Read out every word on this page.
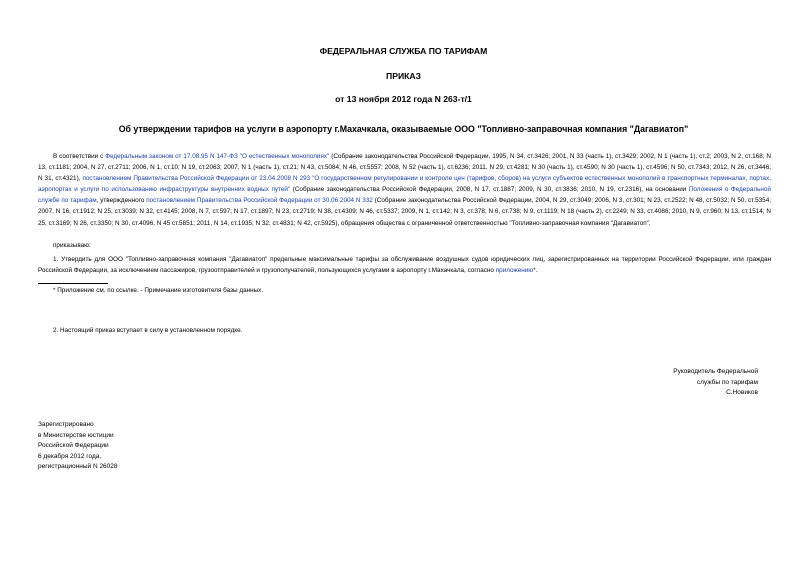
ФЕДЕРАЛЬНАЯ СЛУЖБА ПО ТАРИФАМ
ПРИКАЗ
от 13 ноября 2012 года N 263-т/1
Об утверждении тарифов на услуги в аэропорту г.Махачкала, оказываемые ООО "Топливно-заправочная компания "Дагавиатоп"
В соответствии с Федеральным законом от 17.08.95 N 147-ФЗ "О естественных монополиях" (Собрание законодательства Российской Федерации, 1995, N 34, ст.3426; 2001, N 33 (часть 1), ст.3429; 2002, N 1 (часть 1), ст.2; 2003, N 2, ст.168; N 13, ст.1181; 2004, N 27, ст.2711; 2006, N 1, ст.10; N 19, ст.2063; 2007, N 1 (часть 1), ст.21; N 43, ст.5084; N 46, ст.5557; 2008, N 52 (часть 1), ст.6236; 2011, N 29, ст.4281; N 30 (часть 1), ст.4590; N 30 (часть 1), ст.4596; N 50, ст.7343; 2012, N 26, ст.3446; N 31, ст.4321), постановлением Правительства Российской Федерации от 23.04.2008 N 293 "О государственном регулировании и контроле цен (тарифов, сборов) на услуги субъектов естественных монополий в транспортных терминалах, портах, аэропортах и услуги по использованию инфраструктуры внутренних водных путей" (Собрание законодательства Российской Федерации, 2008, N 17, ст.1887; 2009, N 30, ст.3836; 2010, N 19, ст.2316), на основании Положения о Федеральной службе по тарифам, утвержденного постановлением Правительства Российской Федерации от 30.06.2004 N 332 (Собрание законодательства Российской Федерации, 2004, N 29, ст.3049; 2006, N 3, ст.301; N 23, ст.2522; N 48, ст.5032; N 50, ст.5354; 2007, N 16, ст.1912; N 25, ст.3039; N 32, ст.4145; 2008, N 7, ст.597; N 17, ст.1897; N 23, ст.2719; N 38, ст.4309; N 46, ст.5337; 2009, N 1, ст.142; N 3, ст.378; N 6, ст.738; N 9, ст.1119; N 18 (часть 2), ст.2249; N 33, ст.4086; 2010, N 9, ст.960; N 13, ст.1514; N 25, ст.3169; N 26, ст.3350; N 30, ст.4096, N 45 ст.5851; 2011, N 14, ст.1935; N 32, ст.4831; N 42, ст.5925), обращения общества с ограниченной ответственностью "Топливно-заправочная компания "Дагавиатоп",
приказываю:
1. Утвердить для ООО "Топливно-заправочная компания "Дагавиатоп" предельные максимальные тарифы за обслуживание воздушных судов юридических лиц, зарегистрированных на территории Российской Федерации, или граждан Российской Федерации, за исключением пассажиров, грузоотправителей и грузополучателей, пользующихся услугами в аэропорту г.Махачкала, согласно приложению*.
* Приложение см. по ссылке. - Примечание изготовителя базы данных.
2. Настоящий приказ вступает в силу в установленном порядке.
Руководитель Федеральной
службы по тарифам
С.Новиков
Зарегистрировано
в Министерстве юстиции
Российской Федерации
6 декабря 2012 года,
регистрационный N 26028
